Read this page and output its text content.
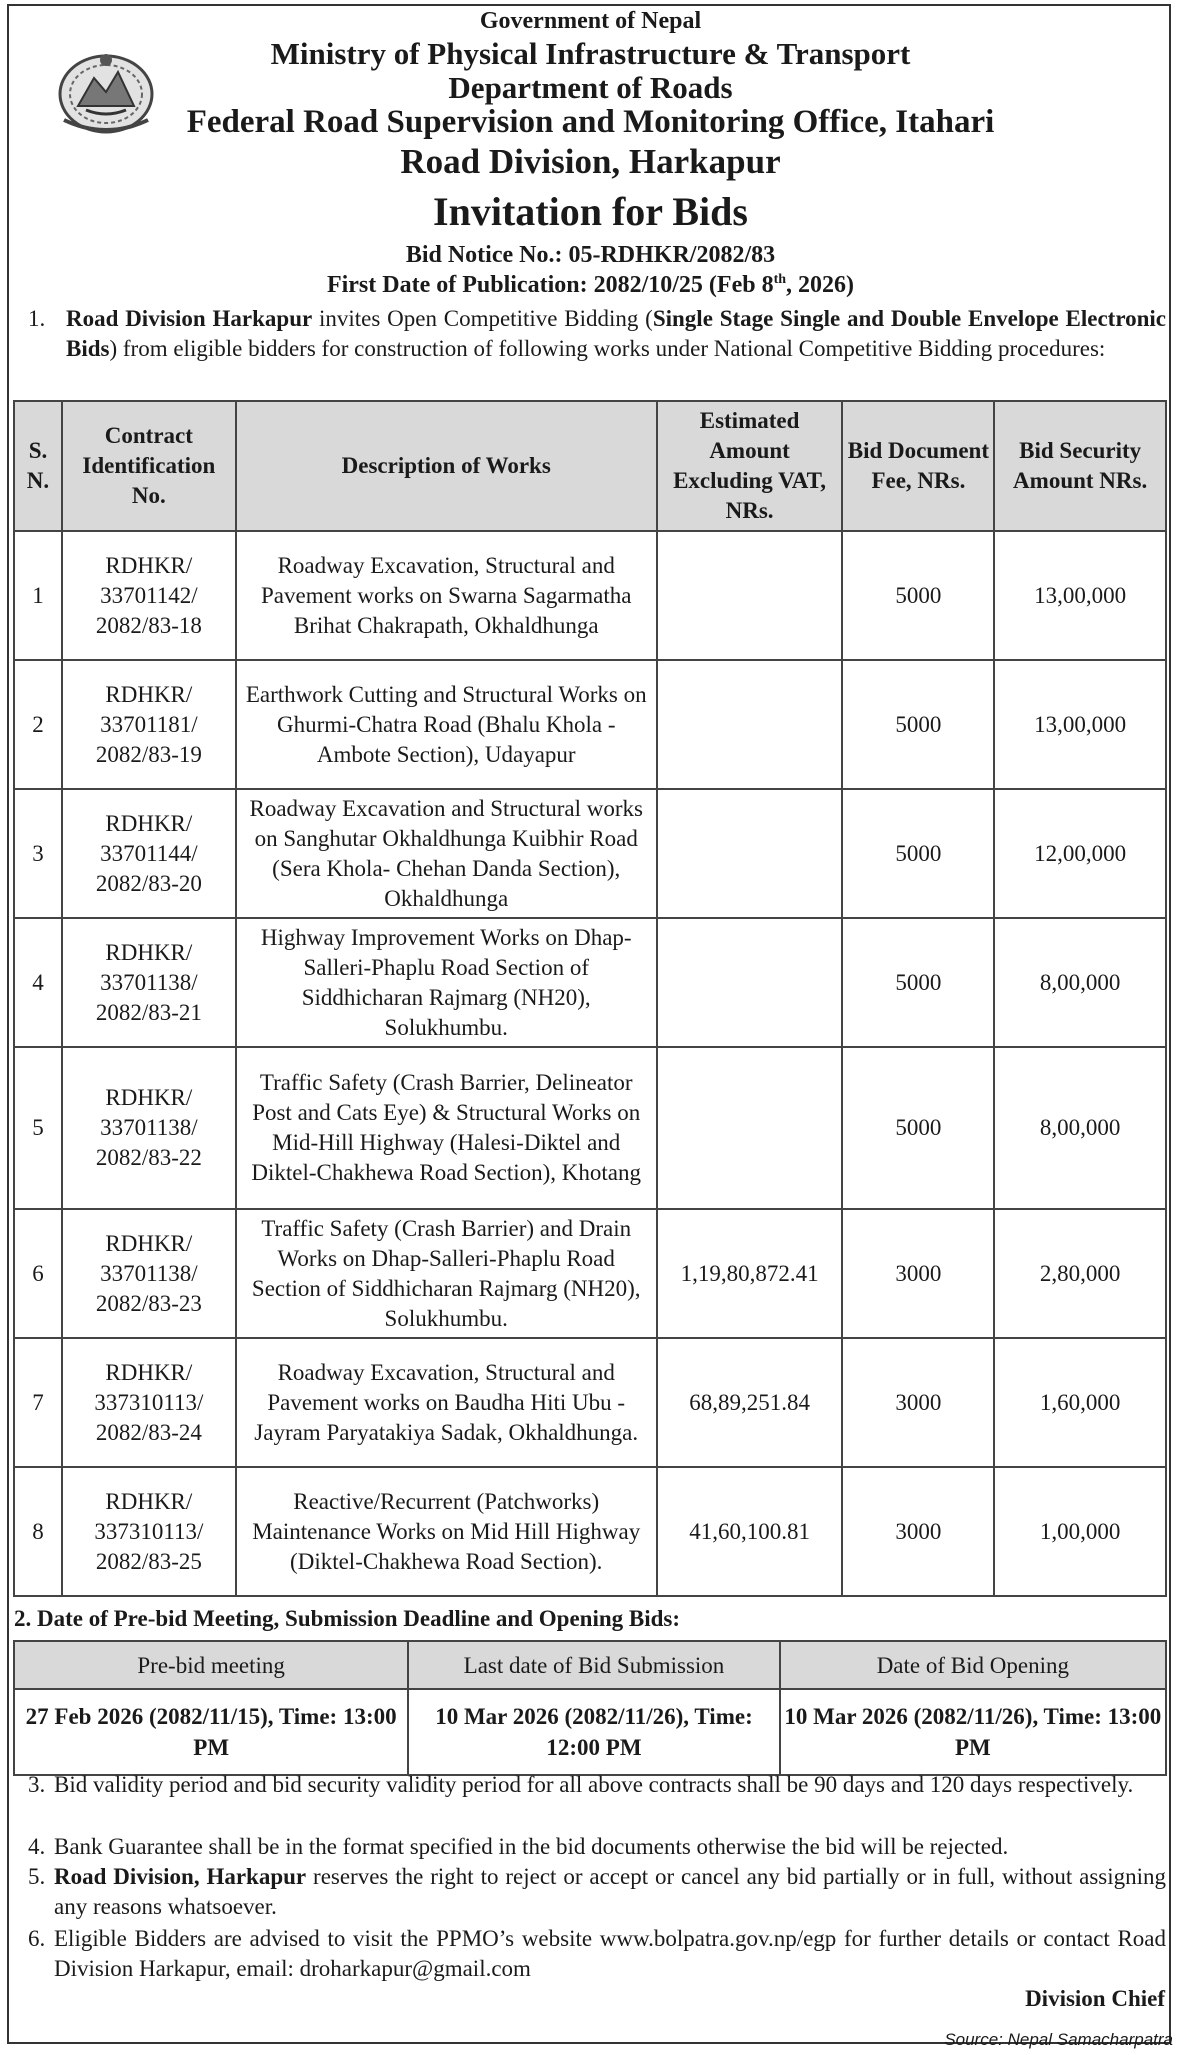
Government of Nepal
Ministry of Physical Infrastructure & Transport
Department of Roads
Federal Road Supervision and Monitoring Office, Itahari
Road Division, Harkapur
Invitation for Bids
Bid Notice No.: 05-RDHKR/2082/83
First Date of Publication: 2082/10/25 (Feb 8th, 2026)
1. Road Division Harkapur invites Open Competitive Bidding (Single Stage Single and Double Envelope Electronic Bids) from eligible bidders for construction of following works under National Competitive Bidding procedures:
S. N.	Contract Identification No.	Description of Works	Estimated Amount Excluding VAT, NRs.	Bid Document Fee, NRs.	Bid Security Amount NRs.
1	RDHKR/ 33701142/ 2082/83-18	Roadway Excavation, Structural and Pavement works on Swarna Sagarmatha Brihat Chakrapath, Okhaldhunga		5000	13,00,000
2	RDHKR/ 33701181/ 2082/83-19	Earthwork Cutting and Structural Works on Ghurmi-Chatra Road (Bhalu Khola - Ambote Section), Udayapur		5000	13,00,000
3	RDHKR/ 33701144/ 2082/83-20	Roadway Excavation and Structural works on Sanghutar Okhaldhunga Kuibhir Road (Sera Khola- Chehan Danda Section), Okhaldhunga		5000	12,00,000
4	RDHKR/ 33701138/ 2082/83-21	Highway Improvement Works on Dhap-Salleri-Phaplu Road Section of Siddhicharan Rajmarg (NH20), Solukhumbu.		5000	8,00,000
5	RDHKR/ 33701138/ 2082/83-22	Traffic Safety (Crash Barrier, Delineator Post and Cats Eye) & Structural Works on Mid-Hill Highway (Halesi-Diktel and Diktel-Chakhewa Road Section), Khotang		5000	8,00,000
6	RDHKR/ 33701138/ 2082/83-23	Traffic Safety (Crash Barrier) and Drain Works on Dhap-Salleri-Phaplu Road Section of Siddhicharan Rajmarg (NH20), Solukhumbu.	1,19,80,872.41	3000	2,80,000
7	RDHKR/ 337310113/ 2082/83-24	Roadway Excavation, Structural and Pavement works on Baudha Hiti Ubu - Jayram Paryatakiya Sadak, Okhaldhunga.	68,89,251.84	3000	1,60,000
8	RDHKR/ 337310113/ 2082/83-25	Reactive/Recurrent (Patchworks) Maintenance Works on Mid Hill Highway (Diktel-Chakhewa Road Section).	41,60,100.81	3000	1,00,000
2. Date of Pre-bid Meeting, Submission Deadline and Opening Bids:
Pre-bid meeting	Last date of Bid Submission	Date of Bid Opening
27 Feb 2026 (2082/11/15), Time: 13:00 PM	10 Mar 2026 (2082/11/26), Time: 12:00 PM	10 Mar 2026 (2082/11/26), Time: 13:00 PM
3. Bid validity period and bid security validity period for all above contracts shall be 90 days and 120 days respectively.
4. Bank Guarantee shall be in the format specified in the bid documents otherwise the bid will be rejected.
5. Road Division, Harkapur reserves the right to reject or accept or cancel any bid partially or in full, without assigning any reasons whatsoever.
6. Eligible Bidders are advised to visit the PPMO’s website www.bolpatra.gov.np/egp for further details or contact Road Division Harkapur, email: droharkapur@gmail.com
Division Chief
Source: Nepal Samacharpatra
